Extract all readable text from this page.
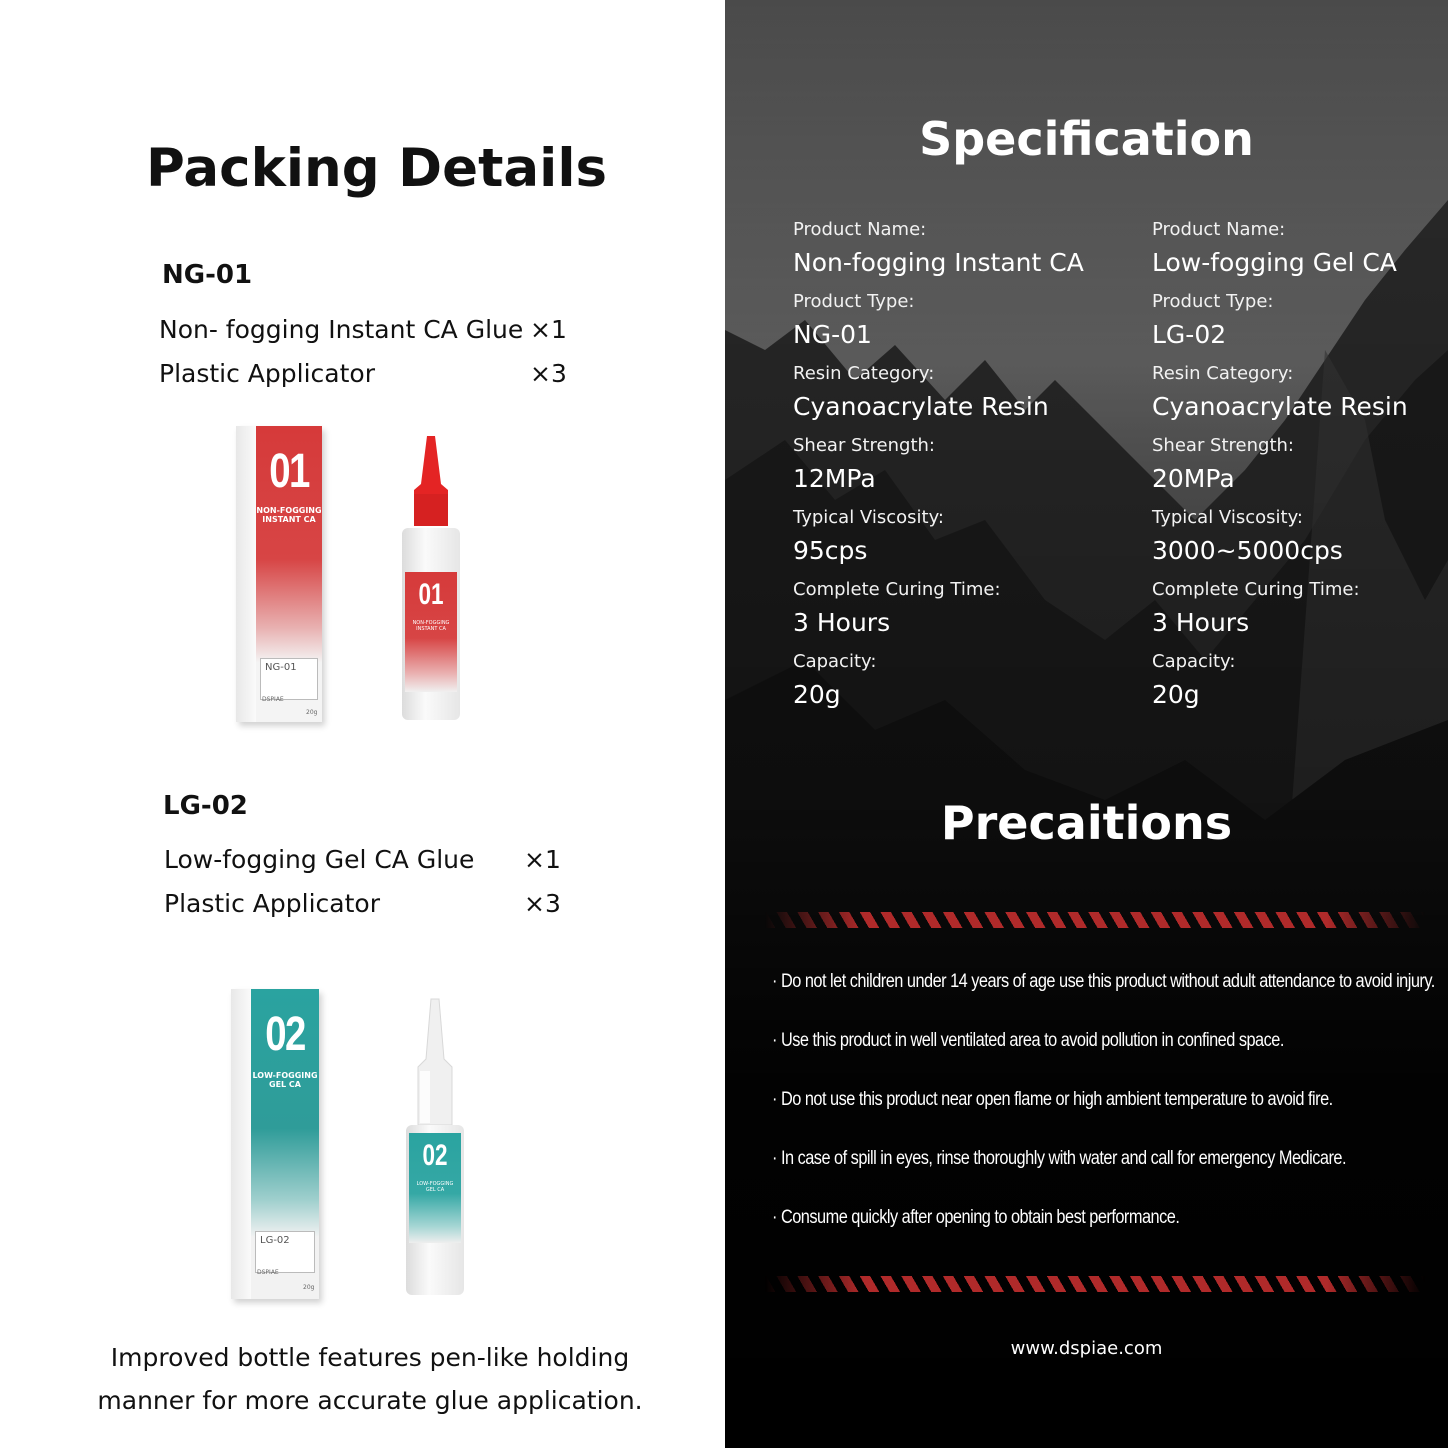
Packing Details
NG-01
Non- fogging Instant CA Glue ×1
Plastic Applicator	×3
01
NON-FOGGING
INSTANT CA
NG-01
DSPIAE
20g
01
NON-FOGGING
INSTANT CA
LG-02
Low-fogging Gel CA Glue ×1
Plastic Applicator	×3
02
LOW-FOGGING
GEL CA
LG-02
DSPIAE
20g
02
LOW-FOGGING
GEL CA
Improved bottle features pen-like holding
manner for more accurate glue application.
Specification
Product Name:
Non-fogging Instant CA
Product Type:
NG-01
Resin Category:
Cyanoacrylate Resin
Shear Strength:
12MPa
Typical Viscosity:
95cps
Complete Curing Time:
3 Hours
Capacity:
20g
Product Name:
Low-fogging Gel CA
Product Type:
LG-02
Resin Category:
Cyanoacrylate Resin
Shear Strength:
20MPa
Typical Viscosity:
3000~5000cps
Complete Curing Time:
3 Hours
Capacity:
20g
Precaitions
· Do not let children under 14 years of age use this product without adult attendance to avoid injury.
· Use this product in well ventilated area to avoid pollution in confined space.
· Do not use this product near open flame or high ambient temperature to avoid fire.
· In case of spill in eyes, rinse thoroughly with water and call for emergency Medicare.
· Consume quickly after opening to obtain best performance.
www.dspiae.com
